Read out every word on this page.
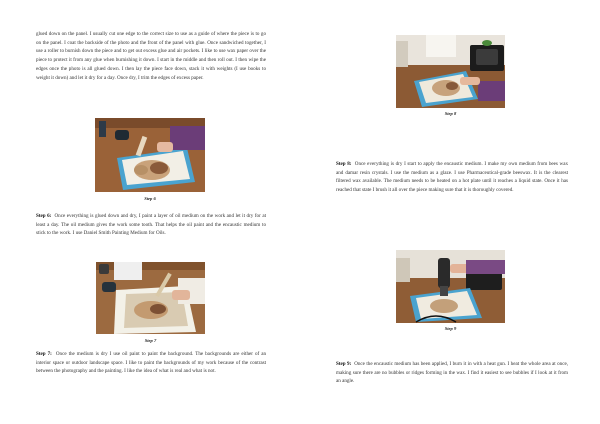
glued down on the panel. I usually cut one edge to the correct size to use as a guide of where the piece is to go on the panel. I coat the backside of the photo and the front of the panel with glue. Once sandwiched together, I use a roller to burnish down the piece and to get out excess glue and air pockets. I like to use wax paper over the piece to protect it from any glue when burnishing it down. I start in the middle and then roll out. I then wipe the edges once the photo is all glued down. I then lay the piece face down, stack it with weights (I use books to weight it down) and let it dry for a day. Once dry, I trim the edges of excess paper.
Step 6
Step 6: Once everything is glued down and dry, I paint a layer of oil medium on the work and let it dry for at least a day. The oil medium gives the work some tooth. That helps the oil paint and the encaustic medium to stick to the work. I use Daniel Smith Painting Medium for Oils.
Step 7
Step 7: Once the medium is dry I use oil paint to paint the background. The backgrounds are either of an interior space or outdoor landscape space. I like to paint the backgrounds of my work because of the contrast between the photography and the painting. I like the idea of what is real and what is not.
Step 8
Step 8: Once everything is dry I start to apply the encaustic medium. I make my own medium from bees wax and damar resin crystals. I use the medium as a glaze. I use Pharmaceutical-grade beeswax. It is the clearest filtered wax available. The medium needs to be heated on a hot plate until it reaches a liquid state. Once it has reached that state I brush it all over the piece making sure that it is thoroughly covered.
Step 9
Step 9: Once the encaustic medium has been applied, I burn it in with a heat gun. I heat the whole area at once, making sure there are no bubbles or ridges forming in the wax. I find it easiest to see bubbles if I look at it from an angle.
